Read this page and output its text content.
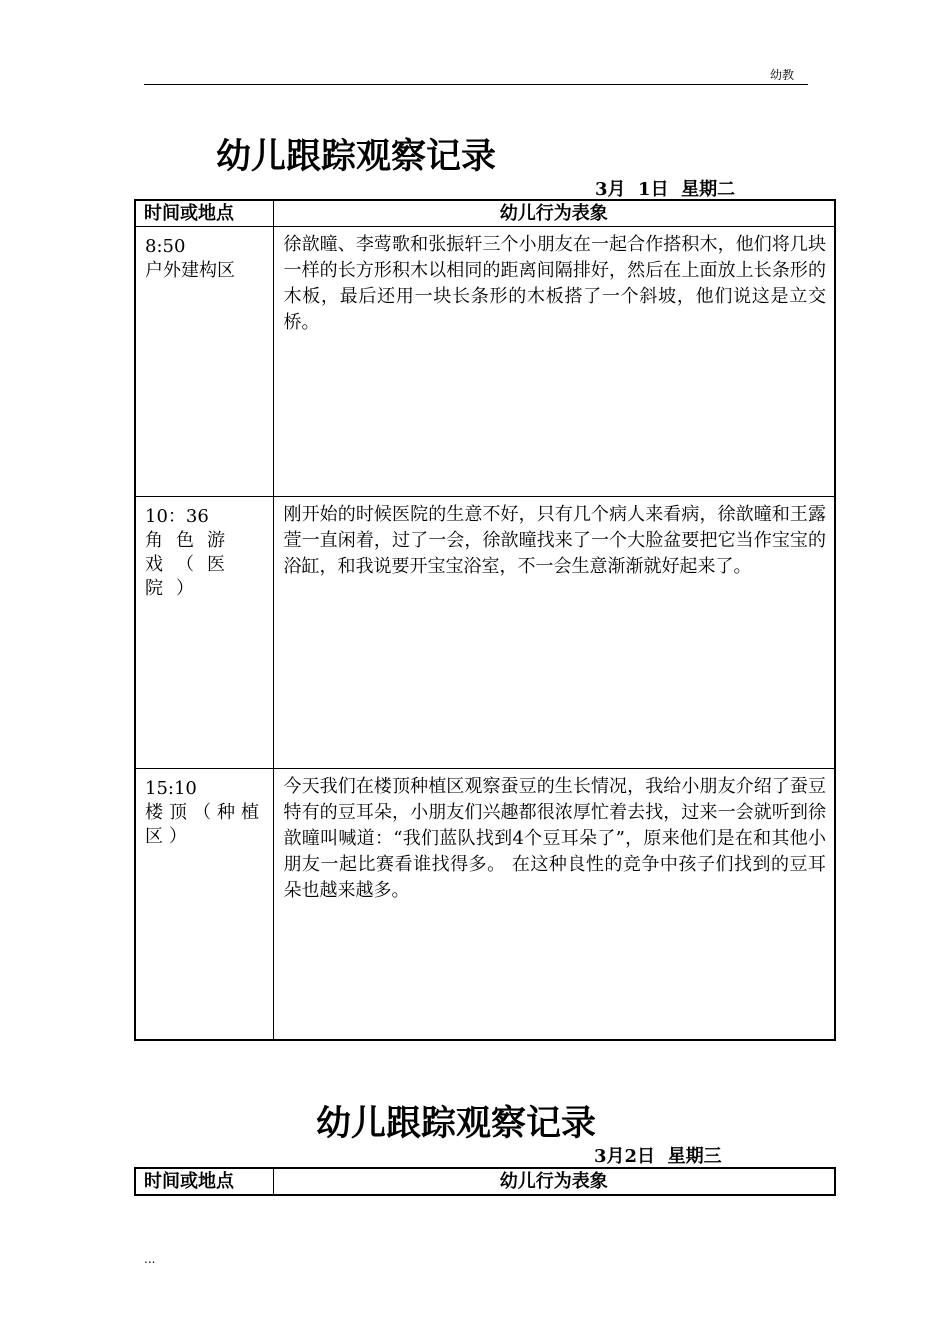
幼教
幼儿跟踪观察记录
3月  1日  星期二
时间或地点	幼儿行为表象

8:50
户外建构区	徐歆曈、李莺歌和张振轩三个小朋友在一起合作搭积木，他们将几块一样的长方形积木以相同的距离间隔排好，然后在上面放上长条形的木板，最后还用一块长条形的木板搭了一个斜坡，他们说这是立交桥。

10：36
角色游戏（医院）	刚开始的时候医院的生意不好，只有几个病人来看病，徐歆曈和王露萱一直闲着，过了一会，徐歆曈找来了一个大脸盆要把它当作宝宝的浴缸，和我说要开宝宝浴室，不一会生意渐渐就好起来了。

15:10
楼顶（种植区）	今天我们在楼顶种植区观察蚕豆的生长情况，我给小朋友介绍了蚕豆特有的豆耳朵，小朋友们兴趣都很浓厚忙着去找，过来一会就听到徐歆曈叫喊道：“我们蓝队找到4个豆耳朵了”，原来他们是在和其他小朋友一起比赛看谁找得多。 在这种良性的竞争中孩子们找到的豆耳朵也越来越多。
幼儿跟踪观察记录
3月2日  星期三
时间或地点	幼儿行为表象
...
